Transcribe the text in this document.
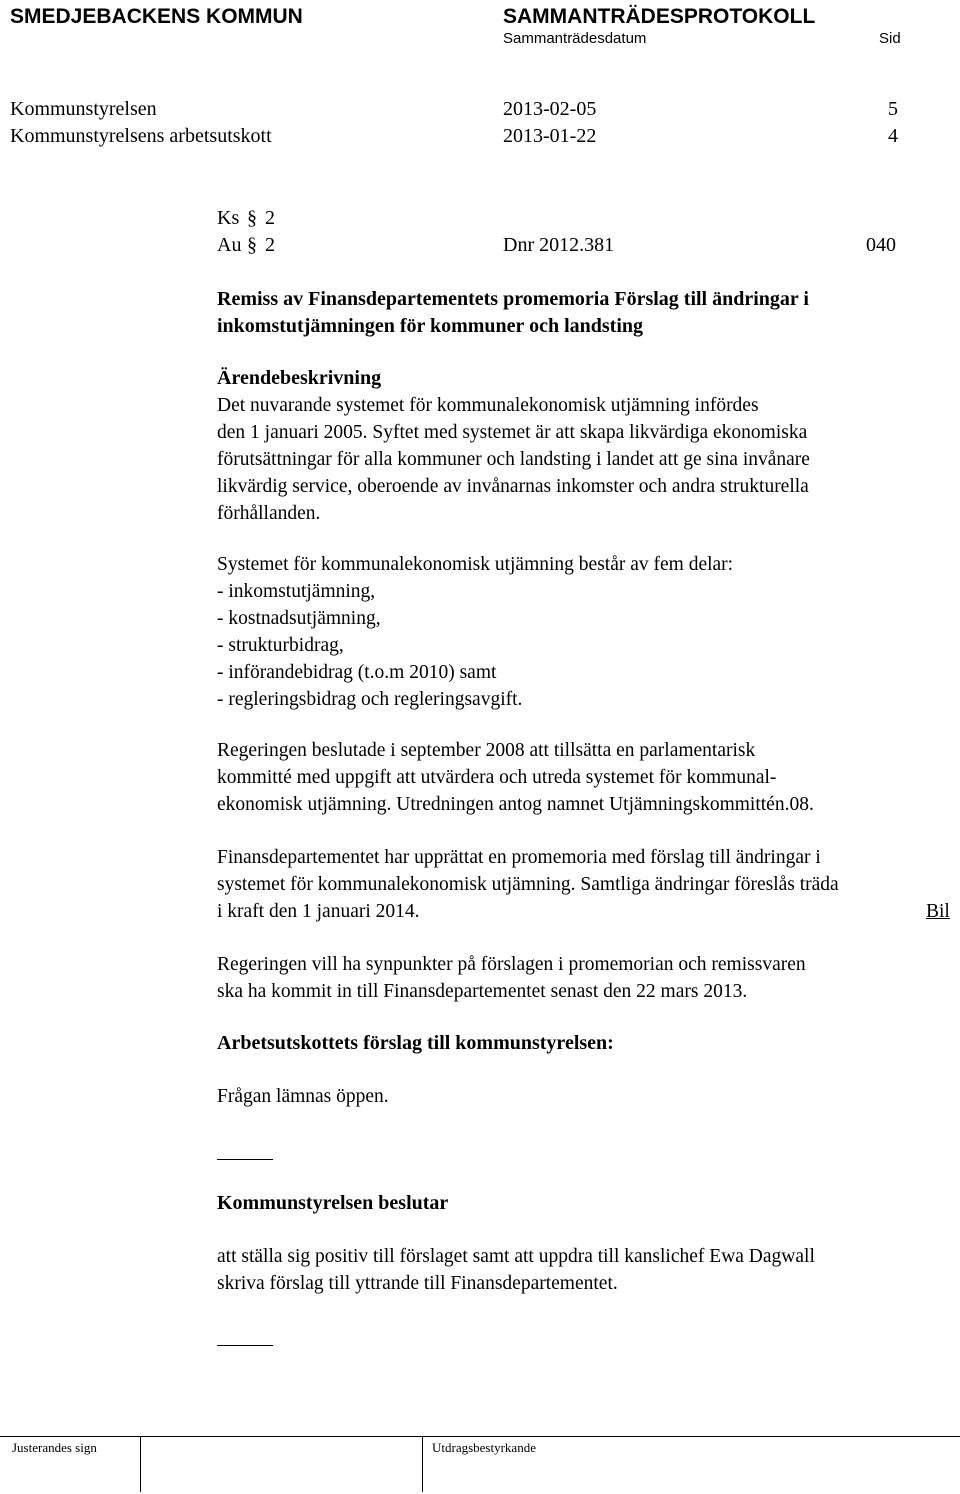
SMEDJEBACKENS KOMMUN	SAMMANTRÄDESPROTOKOLL
Sammanträdesdatum	Sid
Kommunstyrelsen	2013-02-05	5
Kommunstyrelsens arbetsutskott	2013-01-22	4
Ks § 2
Au § 2	Dnr 2012.381	040
Remiss av Finansdepartementets promemoria Förslag till ändringar i
inkomstutjämningen för kommuner och landsting
Ärendebeskrivning
Det nuvarande systemet för kommunalekonomisk utjämning infördes
den 1 januari 2005. Syftet med systemet är att skapa likvärdiga ekonomiska
förutsättningar för alla kommuner och landsting i landet att ge sina invånare
likvärdig service, oberoende av invånarnas inkomster och andra strukturella
förhållanden.
Systemet för kommunalekonomisk utjämning består av fem delar:
- inkomstutjämning,
- kostnadsutjämning,
- strukturbidrag,
- införandebidrag (t.o.m 2010) samt
- regleringsbidrag och regleringsavgift.
Regeringen beslutade i september 2008 att tillsätta en parlamentarisk
kommitté med uppgift att utvärdera och utreda systemet för kommunal-
ekonomisk utjämning. Utredningen antog namnet Utjämningskommittén.08.
Finansdepartementet har upprättat en promemoria med förslag till ändringar i
systemet för kommunalekonomisk utjämning. Samtliga ändringar föreslås träda
i kraft den 1 januari 2014.	Bil
Regeringen vill ha synpunkter på förslagen i promemorian och remissvaren
ska ha kommit in till Finansdepartementet senast den 22 mars 2013.
Arbetsutskottets förslag till kommunstyrelsen:
Frågan lämnas öppen.
Kommunstyrelsen beslutar
att ställa sig positiv till förslaget samt att uppdra till kanslichef Ewa Dagwall
skriva förslag till yttrande till Finansdepartementet.
Justerandes sign	Utdragsbestyrkande
